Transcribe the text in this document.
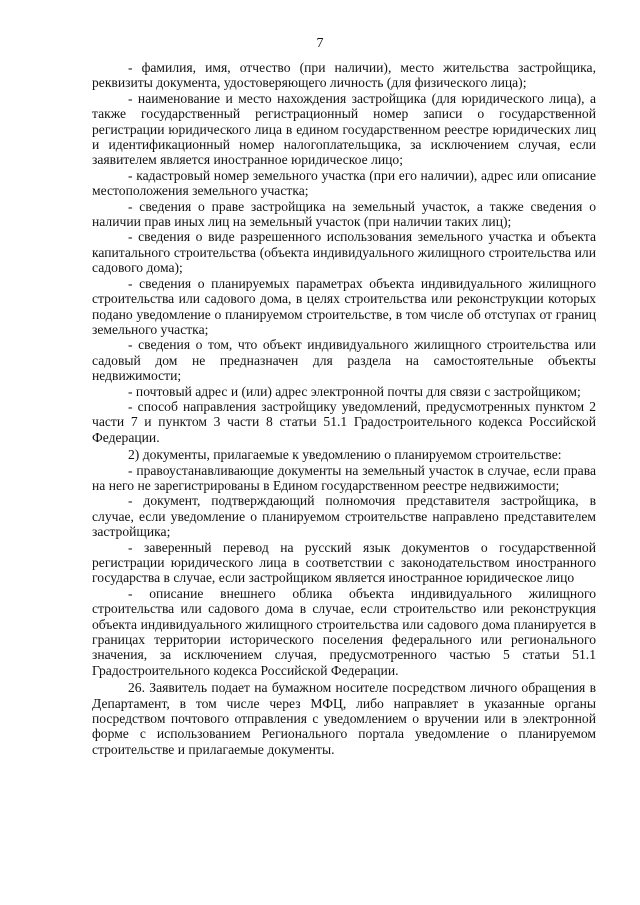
7

- фамилия, имя, отчество (при наличии), место жительства застройщика, реквизиты документа, удостоверяющего личность (для физического лица);

- наименование и место нахождения застройщика (для юридического лица), а также государственный регистрационный номер записи о государственной регистрации юридического лица в едином государственном реестре юридических лиц и идентификационный номер налогоплательщика, за исключением случая, если заявителем является иностранное юридическое лицо;

- кадастровый номер земельного участка (при его наличии), адрес или описание местоположения земельного участка;

- сведения о праве застройщика на земельный участок, а также сведения о наличии прав иных лиц на земельный участок (при наличии таких лиц);

- сведения о виде разрешенного использования земельного участка и объекта капитального строительства (объекта индивидуального жилищного строительства или садового дома);

- сведения о планируемых параметрах объекта индивидуального жилищного строительства или садового дома, в целях строительства или реконструкции которых подано уведомление о планируемом строительстве, в том числе об отступах от границ земельного участка;

- сведения о том, что объект индивидуального жилищного строительства или садовый дом не предназначен для раздела на самостоятельные объекты недвижимости;

- почтовый адрес и (или) адрес электронной почты для связи с застройщиком;

- способ направления застройщику уведомлений, предусмотренных пунктом 2 части 7 и пунктом 3 части 8 статьи 51.1 Градостроительного кодекса Российской Федерации.

2) документы, прилагаемые к уведомлению о планируемом строительстве:

- правоустанавливающие документы на земельный участок в случае, если права на него не зарегистрированы в Едином государственном реестре недвижимости;

- документ, подтверждающий полномочия представителя застройщика, в случае, если уведомление о планируемом строительстве направлено представителем застройщика;

- заверенный перевод на русский язык документов о государственной регистрации юридического лица в соответствии с законодательством иностранного государства в случае, если застройщиком является иностранное юридическое лицо

- описание внешнего облика объекта индивидуального жилищного строительства или садового дома в случае, если строительство или реконструкция объекта индивидуального жилищного строительства или садового дома планируется в границах территории исторического поселения федерального или регионального значения, за исключением случая, предусмотренного частью 5 статьи 51.1 Градостроительного кодекса Российской Федерации.

26. Заявитель подает на бумажном носителе посредством личного обращения в Департамент, в том числе через МФЦ, либо направляет в указанные органы посредством почтового отправления с уведомлением о вручении или в электронной форме с использованием Регионального портала уведомление о планируемом строительстве и прилагаемые документы.
